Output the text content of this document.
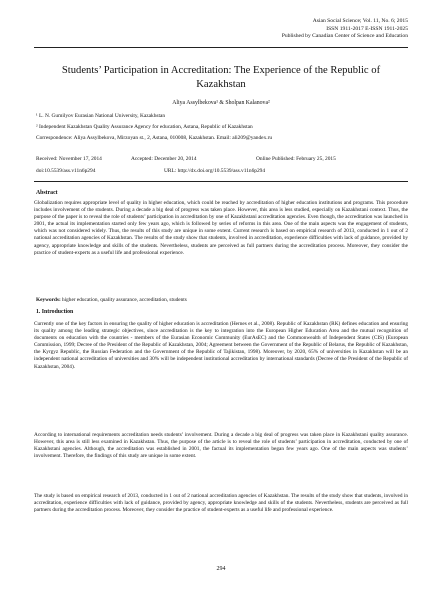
Asian Social Science; Vol. 11, No. 6; 2015
ISSN 1911-2017 E-ISSN 1911-2025
Published by Canadian Center of Science and Education
Students’ Participation in Accreditation: The Experience of the Republic of Kazakhstan
Aliya Assylbekova¹ & Sholpan Kalanova²
¹ L. N. Gumilyov Eurasian National University, Kazakhstan
² Independent Kazakhstan Quality Assurance Agency for education, Astana, Republic of Kazakhstan
Correspondence: Aliya Assylbekova, Mirzoyan st., 2, Astana, 010008, Kazakhstan. Email: ali209@yandex.ru
Received: November 17, 2014	Accepted: December 20, 2014	Online Published: February 25, 2015
doi:10.5539/ass.v11n6p294	URL: http://dx.doi.org/10.5539/ass.v11n6p294
Abstract
Globalization requires appropriate level of quality in higher education, which could be reached by accreditation of higher education institutions and programs. This procedure includes involvement of the students. During a decade a big deal of progress was taken place. However, this area is less studied, especially on Kazakhstani context. Thus, the purpose of the paper is to reveal the role of students’ participation in accreditation by one of Kazakhstani accreditation agencies. Even though, the accreditation was launched in 2001, the actual its implementation started only few years ago, which is followed by series of reforms in this area. One of the main aspects was the engagement of students, which was not considered widely. Thus, the results of this study are unique in some extent. Current research is based on empirical research of 2013, conducted in 1 out of 2 national accreditation agencies of Kazakhstan. The results of the study show that students, involved in accreditation, experience difficulties with lack of guidance, provided by agency, appropriate knowledge and skills of the students. Nevertheless, students are perceived as full partners during the accreditation process. Moreover, they consider the practice of student-experts as a useful life and professional experience.
Keywords: higher education, quality assurance, accreditation, students
1. Introduction
Currently one of the key factors in ensuring the quality of higher education is accreditation (Hernes et al., 2008). Republic of Kazakhstan (RK) defines education and ensuring its quality among the leading strategic objectives, since accreditation is the key to integration into the European Higher Education Area and the mutual recognition of documents on education with the countries - members of the Eurasian Economic Community (EurAsEC) and the Commonwealth of Independent States (CIS) (European Commission, 1999; Decree of the President of the Republic of Kazakhstan, 2004; Agreement between the Government of the Republic of Belarus, the Republic of Kazakhstan, the Kyrgyz Republic, the Russian Federation and the Government of the Republic of Tajikistan, 1998). Moreover, by 2020, 65% of universities in Kazakhstan will be an independent national accreditation of universities and 30% will be independent institutional accreditation by international standards (Decree of the President of the Republic of Kazakhstan, 2004).
According to international requirements accreditation needs students’ involvement. During a decade a big deal of progress was taken place in Kazakhstani quality assurance. However, this area is still less examined in Kazakhstan. Thus, the purpose of the article is to reveal the role of students’ participation in accreditation, conducted by one of Kazakhstani agencies. Although, the accreditation was established in 2001, the factual its implementation began few years ago. One of the main aspects was students’ involvement. Therefore, the findings of this study are unique in some extent.
The study is based on empirical research of 2013, conducted in 1 out of 2 national accreditation agencies of Kazakhstan. The results of the study show that students, involved in accreditation, experience difficulties with lack of guidance, provided by agency, appropriate knowledge and skills of the students. Nevertheless, students are perceived as full partners during the accreditation process. Moreover, they consider the practice of student-experts as a useful life and professional experience.
294
